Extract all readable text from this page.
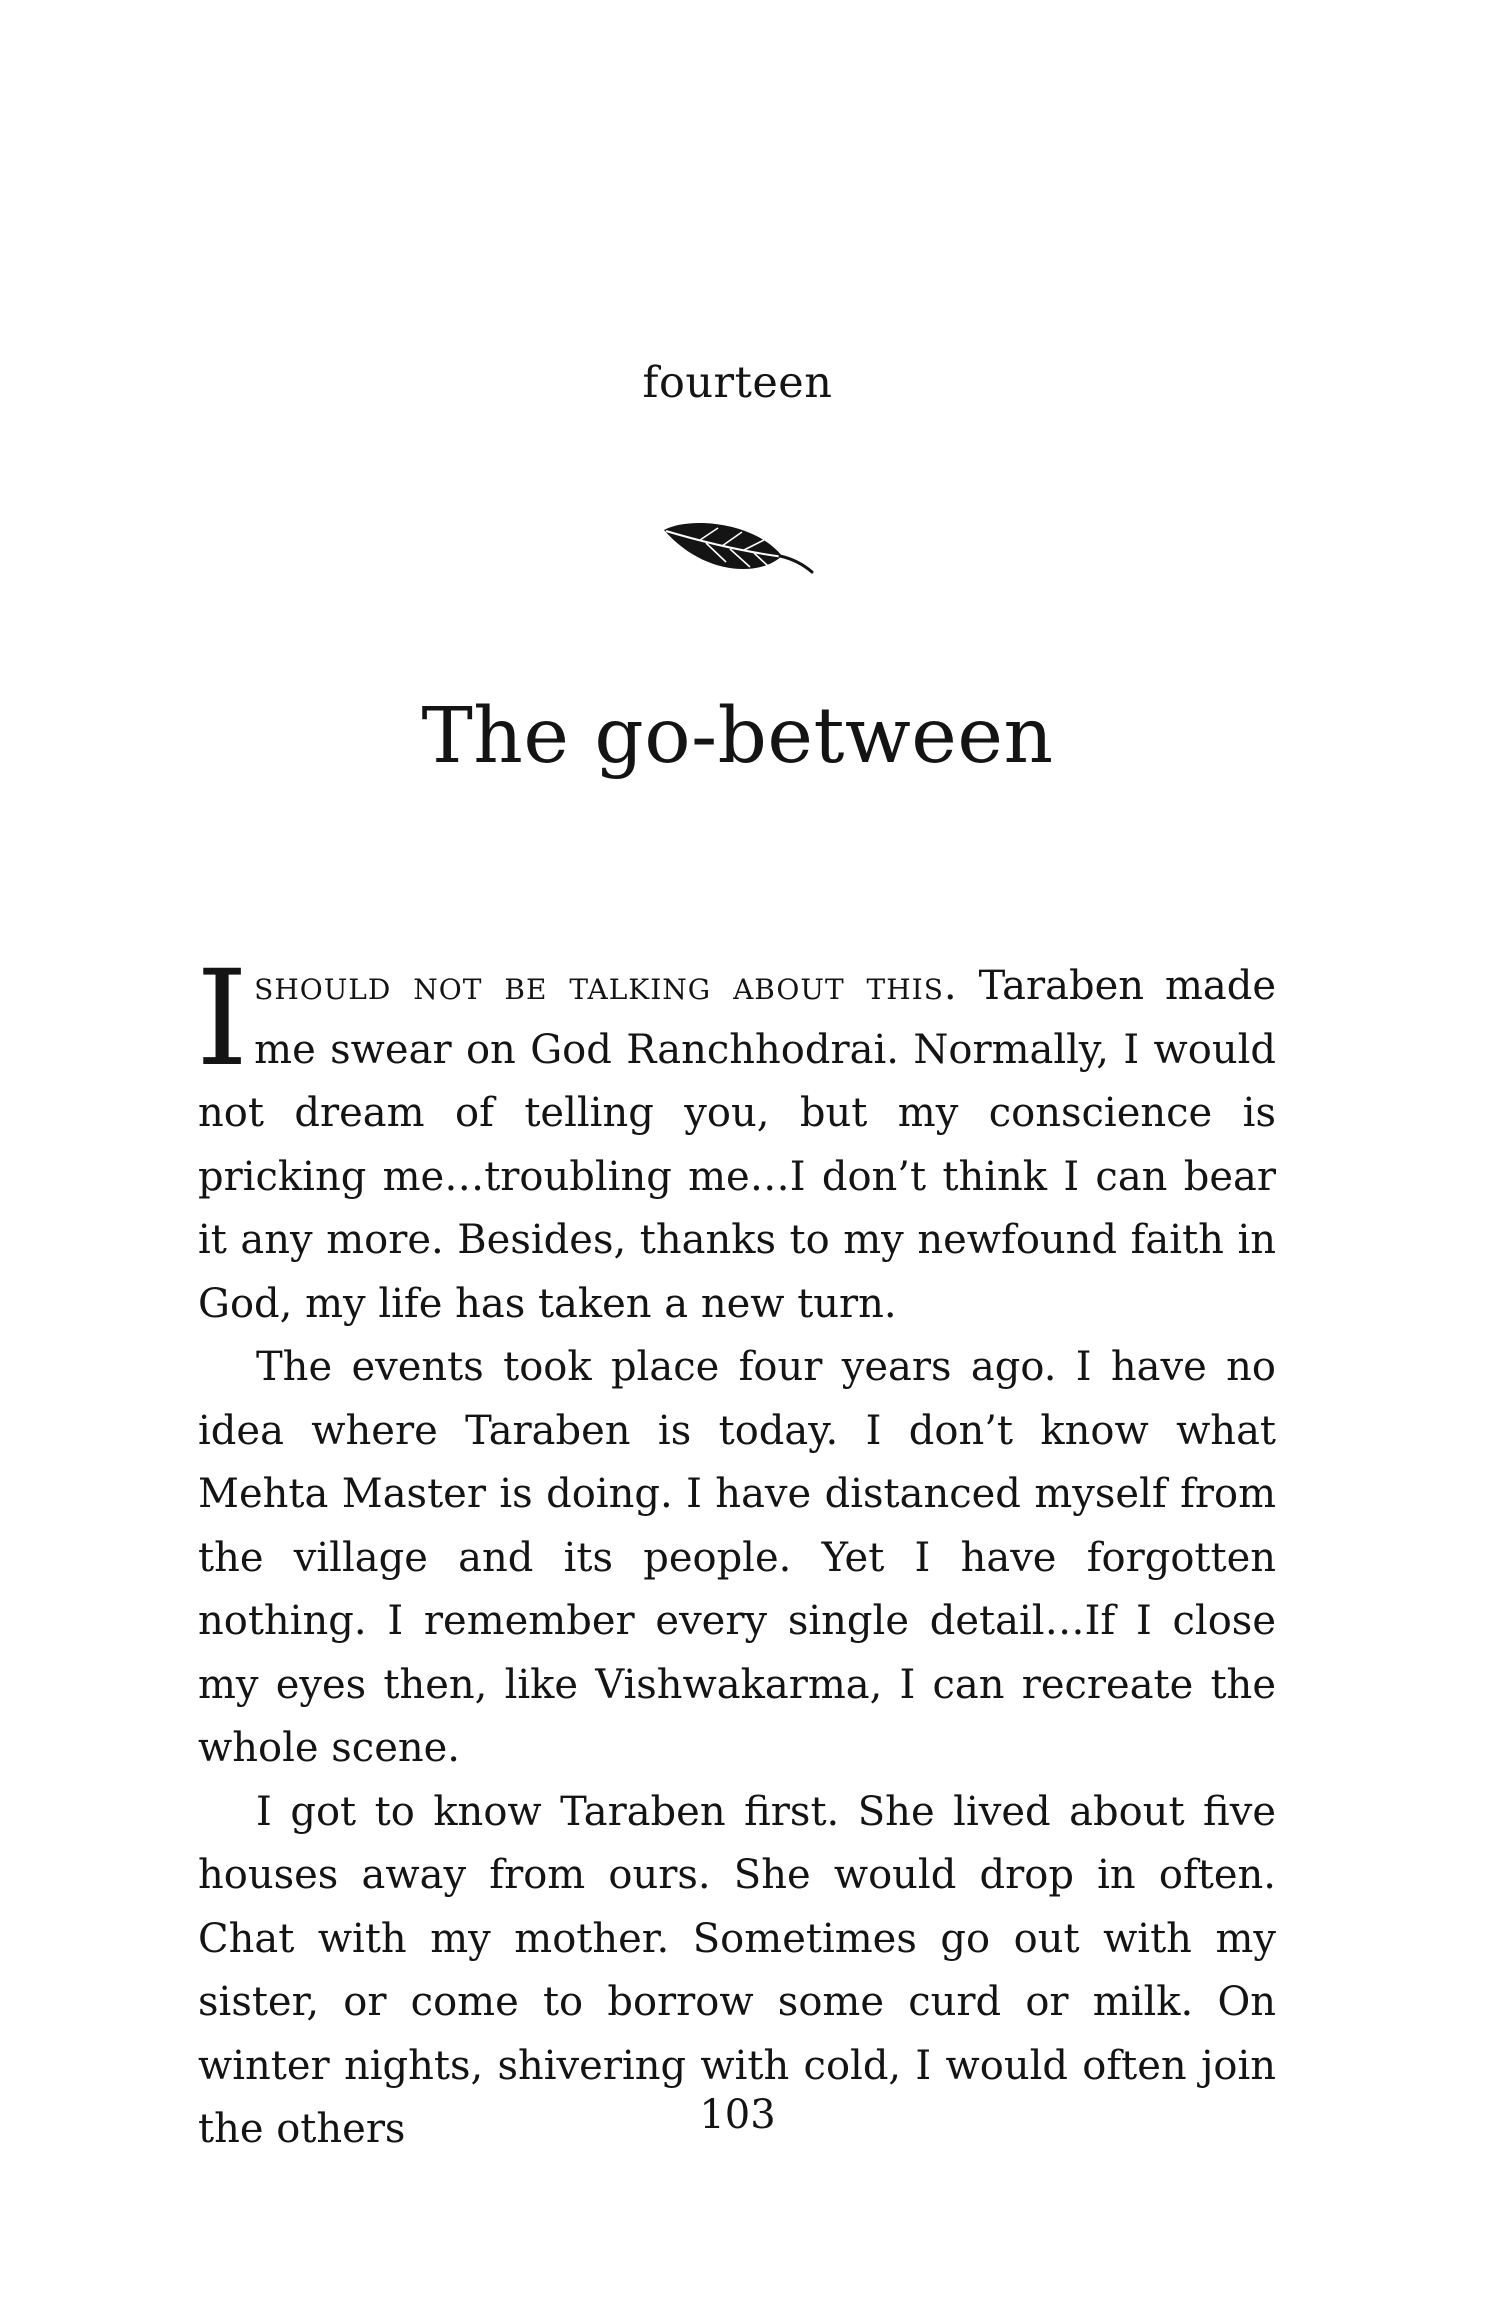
fourteen
The go-between

Ishould not be talking about this. Taraben made me swear on God Ranchhodrai. Normally, I would not dream of telling you, but my conscience is pricking me…troubling me…I don’t think I can bear it any more. Besides, thanks to my newfound faith in God, my life has taken a new turn.

The events took place four years ago. I have no idea where Taraben is today. I don’t know what Mehta Master is doing. I have distanced myself from the village and its people. Yet I have forgotten nothing. I remember every single detail…If I close my eyes then, like Vishwakarma, I can recreate the whole scene.

I got to know Taraben first. She lived about five houses away from ours. She would drop in often. Chat with my mother. Sometimes go out with my sister, or come to borrow some curd or milk. On winter nights, shivering with cold, I would often join the others	103
